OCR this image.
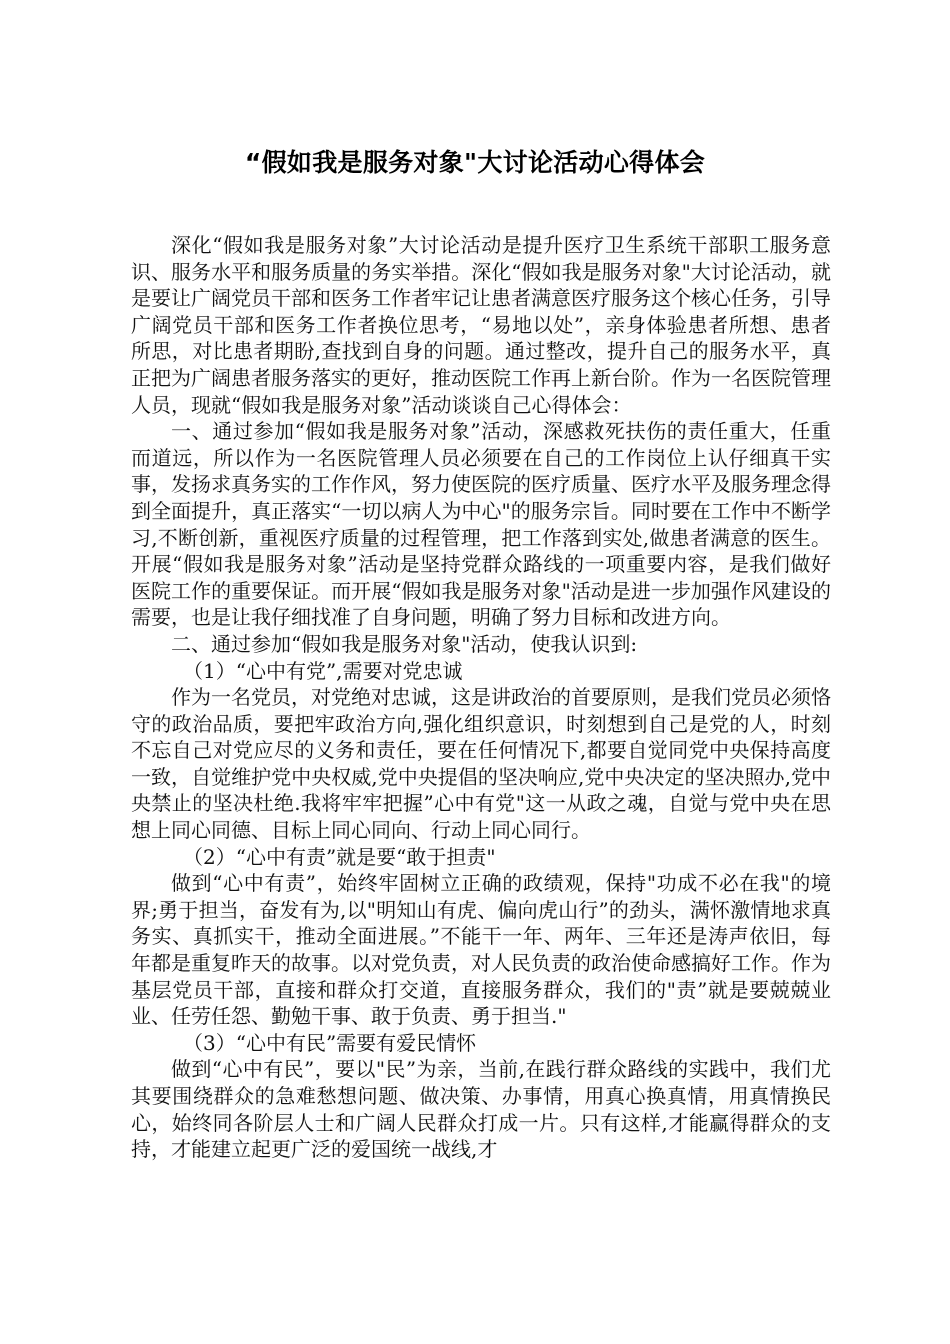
“假如我是服务对象"大讨论活动心得体会

深化“假如我是服务对象”大讨论活动是提升医疗卫生系统干部职工服务意识、服务水平和服务质量的务实举措。深化“假如我是服务对象"大讨论活动，就是要让广阔党员干部和医务工作者牢记让患者满意医疗服务这个核心任务，引导广阔党员干部和医务工作者换位思考，“易地以处”，亲身体验患者所想、患者所思，对比患者期盼,查找到自身的问题。通过整改，提升自己的服务水平，真正把为广阔患者服务落实的更好，推动医院工作再上新台阶。作为一名医院管理人员，现就“假如我是服务对象”活动谈谈自己心得体会：

一、通过参加“假如我是服务对象”活动，深感救死扶伤的责任重大，任重而道远，所以作为一名医院管理人员必须要在自己的工作岗位上认仔细真干实事，发扬求真务实的工作作风，努力使医院的医疗质量、医疗水平及服务理念得到全面提升，真正落实“一切以病人为中心"的服务宗旨。同时要在工作中不断学习,不断创新，重视医疗质量的过程管理，把工作落到实处,做患者满意的医生。开展“假如我是服务对象”活动是坚持党群众路线的一项重要内容，是我们做好医院工作的重要保证。而开展“假如我是服务对象"活动是进一步加强作风建设的需要，也是让我仔细找准了自身问题，明确了努力目标和改进方向。

二、通过参加“假如我是服务对象"活动，使我认识到:

（1）“心中有党”,需要对党忠诚

作为一名党员，对党绝对忠诚，这是讲政治的首要原则，是我们党员必须恪守的政治品质，要把牢政治方向,强化组织意识，时刻想到自己是党的人，时刻不忘自己对党应尽的义务和责任，要在任何情况下,都要自觉同党中央保持高度一致，自觉维护党中央权威,党中央提倡的坚决响应,党中央决定的坚决照办,党中央禁止的坚决杜绝.我将牢牢把握”心中有党"这一从政之魂，自觉与党中央在思想上同心同德、目标上同心同向、行动上同心同行。

（2）“心中有责”就是要“敢于担责"

做到“心中有责”，始终牢固树立正确的政绩观，保持"功成不必在我"的境界;勇于担当，奋发有为,以"明知山有虎、偏向虎山行”的劲头，满怀激情地求真务实、真抓实干，推动全面进展。”不能干一年、两年、三年还是涛声依旧，每年都是重复昨天的故事。以对党负责，对人民负责的政治使命感搞好工作。作为基层党员干部，直接和群众打交道，直接服务群众，我们的"责”就是要兢兢业业、任劳任怨、勤勉干事、敢于负责、勇于担当."

（3）“心中有民”需要有爱民情怀

做到“心中有民”，要以"民”为亲，当前,在践行群众路线的实践中，我们尤其要围绕群众的急难愁想问题、做决策、办事情，用真心换真情，用真情换民心，始终同各阶层人士和广阔人民群众打成一片。只有这样,才能赢得群众的支持，才能建立起更广泛的爱国统一战线,才
